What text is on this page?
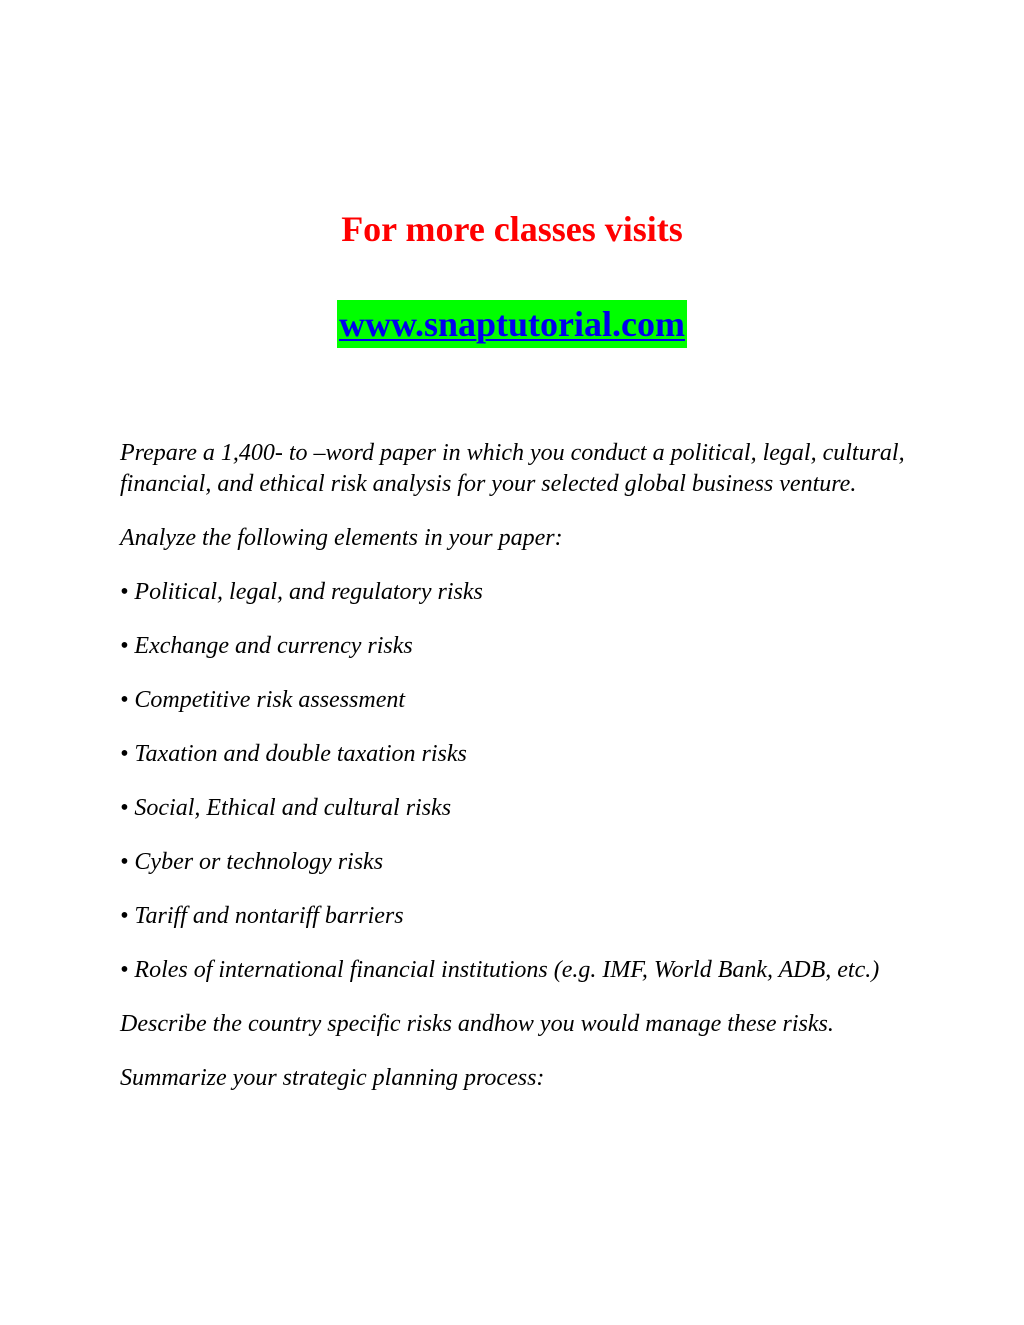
For more classes visits
www.snaptutorial.com

Prepare a 1,400- to –word paper in which you conduct a political, legal, cultural, financial, and ethical risk analysis for your selected global business venture.

Analyze the following elements in your paper:

• Political, legal, and regulatory risks

• Exchange and currency risks

• Competitive risk assessment

• Taxation and double taxation risks

• Social, Ethical and cultural risks

• Cyber or technology risks

• Tariff and nontariff barriers

• Roles of international financial institutions (e.g. IMF, World Bank, ADB, etc.)

Describe the country specific risks andhow you would manage these risks.

Summarize your strategic planning process:
